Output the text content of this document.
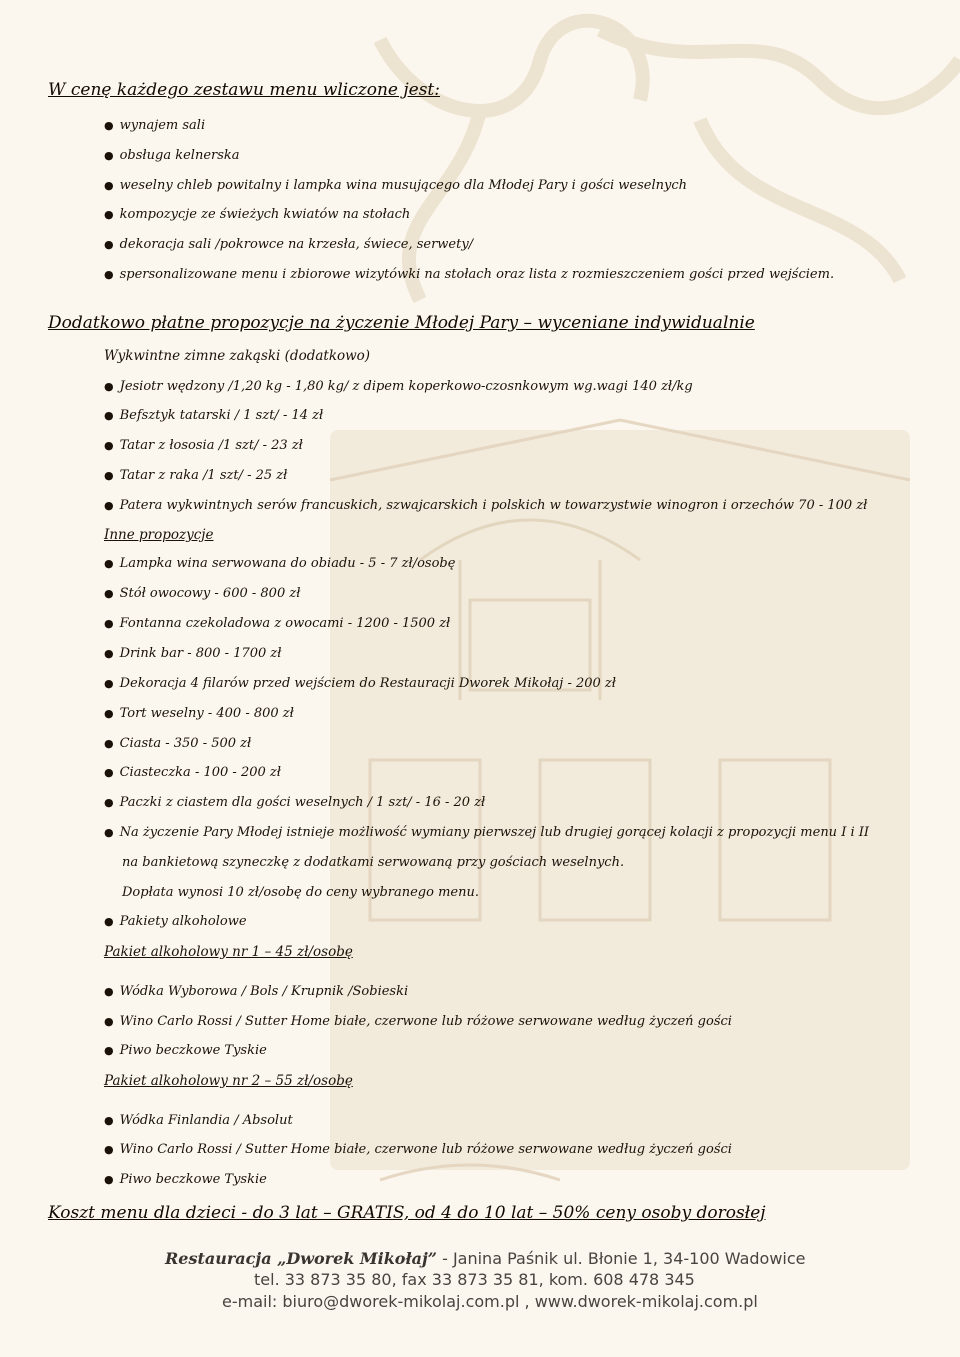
W cenę każdego zestawu menu wliczone jest:
● wynajem sali
● obsługa kelnerska
● weselny chleb powitalny i lampka wina musującego dla Młodej Pary i gości weselnych
● kompozycje ze świeżych kwiatów na stołach
● dekoracja sali /pokrowce na krzesła, świece, serwety/
● spersonalizowane menu i zbiorowe wizytówki na stołach oraz lista z rozmieszczeniem gości przed wejściem.
Dodatkowo płatne propozycje na życzenie Młodej Pary – wyceniane indywidualnie
Wykwintne zimne zakąski (dodatkowo)
● Jesiotr wędzony /1,20 kg - 1,80 kg/ z dipem koperkowo-czosnkowym wg.wagi 140 zł/kg
● Befsztyk tatarski / 1 szt/ - 14 zł
● Tatar z łososia /1 szt/ - 23 zł
● Tatar z raka /1 szt/ - 25 zł
● Patera wykwintnych serów francuskich, szwajcarskich i polskich w towarzystwie winogron i orzechów 70 - 100 zł
Inne propozycje
● Lampka wina serwowana do obiadu - 5 - 7 zł/osobę
● Stół owocowy - 600 - 800 zł
● Fontanna czekoladowa z owocami - 1200 - 1500 zł
● Drink bar - 800 - 1700 zł
● Dekoracja 4 filarów przed wejściem do Restauracji Dworek Mikołaj - 200 zł
● Tort weselny - 400 - 800 zł
● Ciasta - 350 - 500 zł
● Ciasteczka - 100 - 200 zł
● Paczki z ciastem dla gości weselnych / 1 szt/ - 16 - 20 zł
● Na życzenie Pary Młodej istnieje możliwość wymiany pierwszej lub drugiej gorącej kolacji z propozycji menu I i II
na bankietową szyneczkę z dodatkami serwowaną przy gościach weselnych.
Dopłata wynosi 10 zł/osobę do ceny wybranego menu.
● Pakiety alkoholowe
Pakiet alkoholowy nr 1 – 45 zł/osobę
● Wódka Wyborowa / Bols / Krupnik /Sobieski
● Wino Carlo Rossi / Sutter Home białe, czerwone lub różowe serwowane według życzeń gości
● Piwo beczkowe Tyskie
Pakiet alkoholowy nr 2 – 55 zł/osobę
● Wódka Finlandia / Absolut
● Wino Carlo Rossi / Sutter Home białe, czerwone lub różowe serwowane według życzeń gości
● Piwo beczkowe Tyskie
Koszt menu dla dzieci - do 3 lat – GRATIS, od 4 do 10 lat – 50% ceny osoby dorosłej
Restauracja „Dworek Mikołaj” - Janina Paśnik ul. Błonie 1, 34-100 Wadowice
tel. 33 873 35 80, fax 33 873 35 81, kom. 608 478 345
e-mail: biuro@dworek-mikolaj.com.pl , www.dworek-mikolaj.com.pl
